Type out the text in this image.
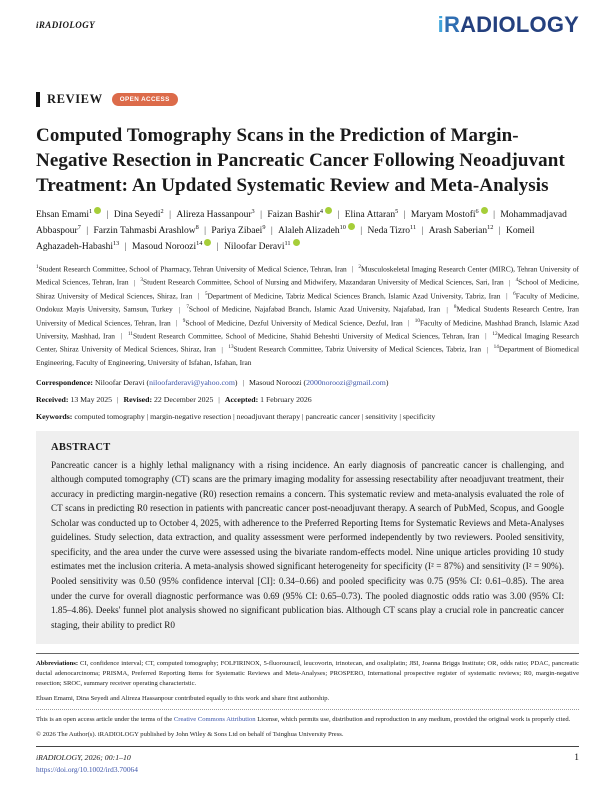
iRADIOLOGY	iRADIOLOGY
REVIEW	OPEN ACCESS
Computed Tomography Scans in the Prediction of Margin-Negative Resection in Pancreatic Cancer Following Neoadjuvant Treatment: An Updated Systematic Review and Meta-Analysis
Ehsan Emami$^1$ | Dina Seyedi$^2$ | Alireza Hassanpour$^3$ | Faizan Bashir$^4$ | Elina Attaran$^5$ | Maryam Mostofi$^6$ | Mohammadjavad Abbaspour$^7$ | Farzin Tahmasbi Arashlow$^8$ | Pariya Zibaei$^9$ | Alaleh Alizadeh$^{10}$ | Neda Tizro$^{11}$ | Arash Saberian$^{12}$ | Komeil Aghazadeh-Habashi$^{13}$ | Masoud Noroozi$^{14}$ | Niloofar Deravi$^{11}$
$^1$Student Research Committee, School of Pharmacy, Tehran University of Medical Science, Tehran, Iran | $^2$Musculoskeletal Imaging Research Center (MIRC), Tehran University of Medical Sciences, Tehran, Iran | $^3$Student Research Committee, School of Nursing and Midwifery, Mazandaran University of Medical Sciences, Sari, Iran | $^4$School of Medicine, Shiraz University of Medical Sciences, Shiraz, Iran | $^5$Department of Medicine, Tabriz Medical Sciences Branch, Islamic Azad University, Tabriz, Iran | $^6$Faculty of Medicine, Ondokuz Mayis University, Samsun, Turkey | $^7$School of Medicine, Najafabad Branch, Islamic Azad University, Najafabad, Iran | $^8$Medical Students Research Centre, Iran University of Medical Sciences, Tehran, Iran | $^9$School of Medicine, Dezful University of Medical Science, Dezful, Iran | $^{10}$Faculty of Medicine, Mashhad Branch, Islamic Azad University, Mashhad, Iran | $^{11}$Student Research Committee, School of Medicine, Shahid Beheshti University of Medical Sciences, Tehran, Iran | $^{12}$Medical Imaging Research Center, Shiraz University of Medical Sciences, Shiraz, Iran | $^{13}$Student Research Committee, Tabriz University of Medical Sciences, Tabriz, Iran | $^{14}$Department of Biomedical Engineering, Faculty of Engineering, University of Isfahan, Isfahan, Iran
Correspondence: Niloofar Deravi (niloofarderavi@yahoo.com) | Masoud Noroozi (2000noroozi@gmail.com)
Received: 13 May 2025 | Revised: 22 December 2025 | Accepted: 1 February 2026
Keywords: computed tomography | margin-negative resection | neoadjuvant therapy | pancreatic cancer | sensitivity | specificity
ABSTRACT
Pancreatic cancer is a highly lethal malignancy with a rising incidence. An early diagnosis of pancreatic cancer is challenging, and although computed tomography (CT) scans are the primary imaging modality for assessing resectability after neoadjuvant treatment, their accuracy in predicting margin-negative (R0) resection remains a concern. This systematic review and meta-analysis evaluated the role of CT scans in predicting R0 resection in patients with pancreatic cancer post-neoadjuvant therapy. A search of PubMed, Scopus, and Google Scholar was conducted up to October 4, 2025, with adherence to the Preferred Reporting Items for Systematic Reviews and Meta-Analyses guidelines. Study selection, data extraction, and quality assessment were performed independently by two reviewers. Pooled sensitivity, specificity, and the area under the curve were assessed using the bivariate random-effects model. Nine unique articles providing 10 study estimates met the inclusion criteria. A meta-analysis showed significant heterogeneity for specificity (I² = 87%) and sensitivity (I² = 90%). Pooled sensitivity was 0.50 (95% confidence interval [CI]: 0.34–0.66) and pooled specificity was 0.75 (95% CI: 0.61–0.85). The area under the curve for overall diagnostic performance was 0.69 (95% CI: 0.65–0.73). The pooled diagnostic odds ratio was 3.00 (95% CI: 1.85–4.86). Deeks' funnel plot analysis showed no significant publication bias. Although CT scans play a crucial role in pancreatic cancer staging, their ability to predict R0
Abbreviations: CI, confidence interval; CT, computed tomography; FOLFIRINOX, 5-fluorouracil, leucovorin, irinotecan, and oxaliplatin; JBI, Joanna Briggs Institute; OR, odds ratio; PDAC, pancreatic ductal adenocarcinoma; PRISMA, Preferred Reporting Items for Systematic Reviews and Meta-Analyses; PROSPERO, International prospective register of systematic reviews; R0, margin-negative resection; SROC, summary receiver operating characteristic.
Ehsan Emami, Dina Seyedi and Alireza Hassanpour contributed equally to this work and share first authorship.
This is an open access article under the terms of the Creative Commons Attribution License, which permits use, distribution and reproduction in any medium, provided the original work is properly cited.
© 2026 The Author(s). iRADIOLOGY published by John Wiley & Sons Ltd on behalf of Tsinghua University Press.
iRADIOLOGY, 2026; 00:1–10
https://doi.org/10.1002/ird3.70064
1
